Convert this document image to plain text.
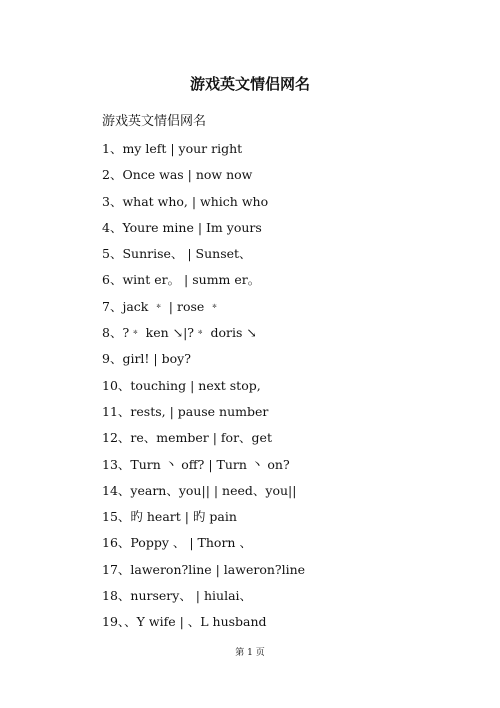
游戏英文情侣网名
游戏英文情侣网名
1、my left | your right
2、Once was | now now
3、what who, | which who
4、Youre mine | Im yours
5、Sunrise、 | Sunset、
6、wint er。 | summ er。
7、jack ﹡ | rose ﹡
8、?﹡ ken ↘|?﹡ doris ↘
9、girl! | boy?
10、touching | next stop,
11、rests, | pause number
12、re、member | for、get
13、Turn 丶 off? | Turn 丶 on?
14、yearn、you|| | need、you||
15、旳 heart | 旳 pain
16、Poppy 、 | Thorn 、
17、laweron?line | laweron?line
18、nursery、 | hiulai、
19、、Y wife | 、L husband
第 1 页
